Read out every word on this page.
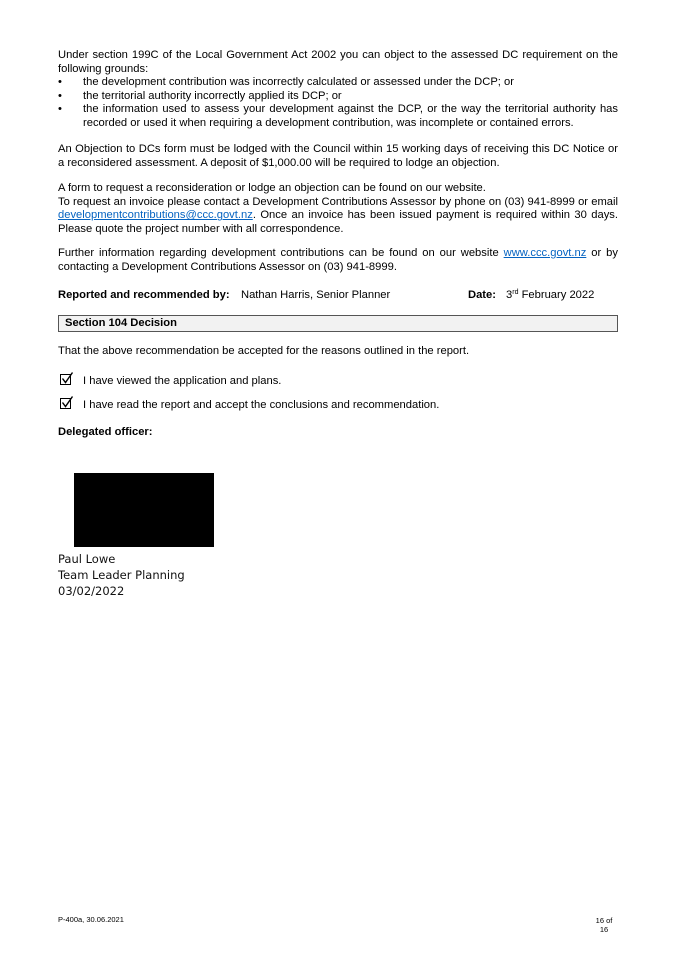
Under section 199C of the Local Government Act 2002 you can object to the assessed DC requirement on the following grounds:

•	the development contribution was incorrectly calculated or assessed under the DCP; or

•	the territorial authority incorrectly applied its DCP; or

•	the information used to assess your development against the DCP, or the way the territorial authority has recorded or used it when requiring a development contribution, was incomplete or contained errors.

An Objection to DCs form must be lodged with the Council within 15 working days of receiving this DC Notice or a reconsidered assessment. A deposit of $1,000.00 will be required to lodge an objection.

A form to request a reconsideration or lodge an objection can be found on our website.

To request an invoice please contact a Development Contributions Assessor by phone on (03) 941-8999 or email developmentcontributions@ccc.govt.nz. Once an invoice has been issued payment is required within 30 days. Please quote the project number with all correspondence.

Further information regarding development contributions can be found on our website www.ccc.govt.nz or by contacting a Development Contributions Assessor on (03) 941-8999.

Reported and recommended by: Nathan Harris, Senior Planner	Date: 3rd February 2022
Section 104 Decision

That the above recommendation be accepted for the reasons outlined in the report.

I have viewed the application and plans.
I have read the report and accept the conclusions and recommendation.
Delegated officer:
Paul Lowe
Team Leader Planning
03/02/2022
P-400a, 30.06.2021	16 of
16
